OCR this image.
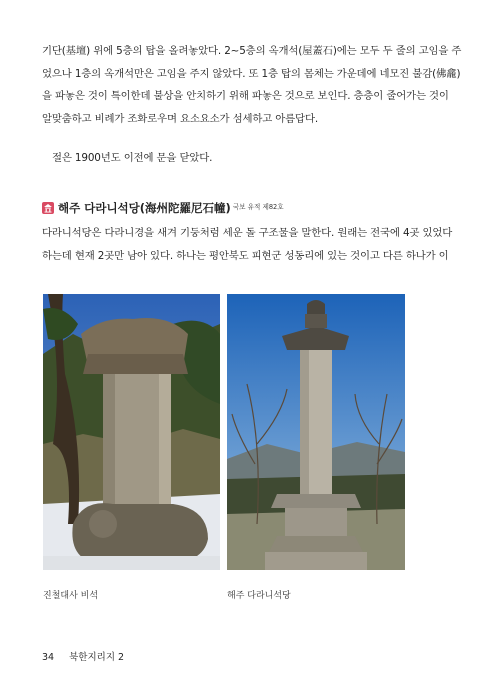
기단(基壇) 위에 5층의 탑을 올려놓았다. 2∼5층의 옥개석(屋蓋石)에는 모두 두 줄의 고임을 주
었으나 1층의 옥개석만은 고임을 주지 않았다. 또 1층 탑의 몸체는 가운데에 네모진 불감(佛龕)
을 파놓은 것이 특이한데 불상을 안치하기 위해 파놓은 것으로 보인다. 층층이 줄어가는 것이
알맞춤하고 비례가 조화로우며 요소요소가 섬세하고 아름답다.
절은 1900년도 이전에 문을 닫았다.
해주 다라니석당(海州陀羅尼石幢) 국보 유적 제82호
다라니석당은 다라니경을 새겨 기둥처럼 세운 돌 구조물을 말한다. 원래는 전국에 4곳 있었다
하는데 현재 2곳만 남아 있다. 하나는 평안북도 피현군 성동리에 있는 것이고 다른 하나가 이
진철대사 비석	해주 다라니석당
34 북한지리지 2
